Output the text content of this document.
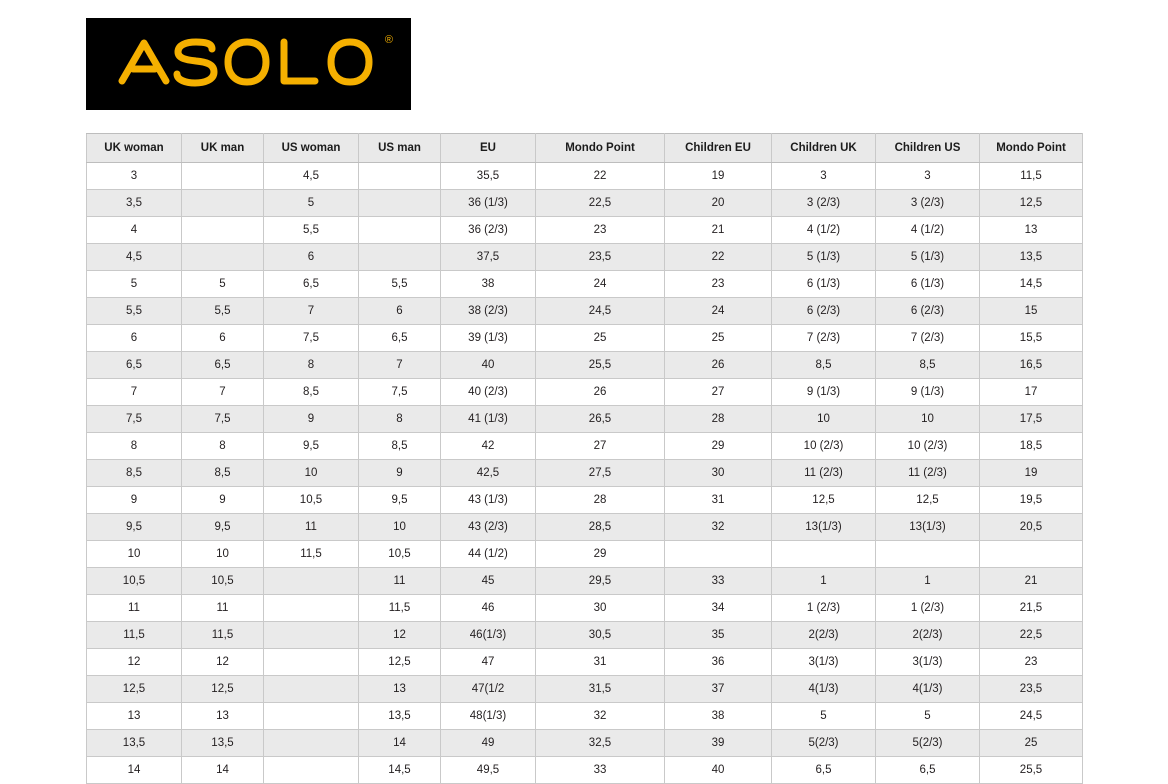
®
UK woman	UK man	US woman	US man	EU	Mondo Point	Children EU	Children UK	Children US	Mondo Point
3		4,5		35,5	22	19	3	3	11,5
3,5		5		36 (1/3)	22,5	20	3 (2/3)	3 (2/3)	12,5
4		5,5		36 (2/3)	23	21	4 (1/2)	4 (1/2)	13
4,5		6		37,5	23,5	22	5 (1/3)	5 (1/3)	13,5
5	5	6,5	5,5	38	24	23	6 (1/3)	6 (1/3)	14,5
5,5	5,5	7	6	38 (2/3)	24,5	24	6 (2/3)	6 (2/3)	15
6	6	7,5	6,5	39 (1/3)	25	25	7 (2/3)	7 (2/3)	15,5
6,5	6,5	8	7	40	25,5	26	8,5	8,5	16,5
7	7	8,5	7,5	40 (2/3)	26	27	9 (1/3)	9 (1/3)	17
7,5	7,5	9	8	41 (1/3)	26,5	28	10	10	17,5
8	8	9,5	8,5	42	27	29	10 (2/3)	10 (2/3)	18,5
8,5	8,5	10	9	42,5	27,5	30	11 (2/3)	11 (2/3)	19
9	9	10,5	9,5	43 (1/3)	28	31	12,5	12,5	19,5
9,5	9,5	11	10	43 (2/3)	28,5	32	13(1/3)	13(1/3)	20,5
10	10	11,5	10,5	44 (1/2)	29				
10,5	10,5		11	45	29,5	33	1	1	21
11	11		11,5	46	30	34	1 (2/3)	1 (2/3)	21,5
11,5	11,5		12	46(1/3)	30,5	35	2(2/3)	2(2/3)	22,5
12	12		12,5	47	31	36	3(1/3)	3(1/3)	23
12,5	12,5		13	47(1/2	31,5	37	4(1/3)	4(1/3)	23,5
13	13		13,5	48(1/3)	32	38	5	5	24,5
13,5	13,5		14	49	32,5	39	5(2/3)	5(2/3)	25
14	14		14,5	49,5	33	40	6,5	6,5	25,5
